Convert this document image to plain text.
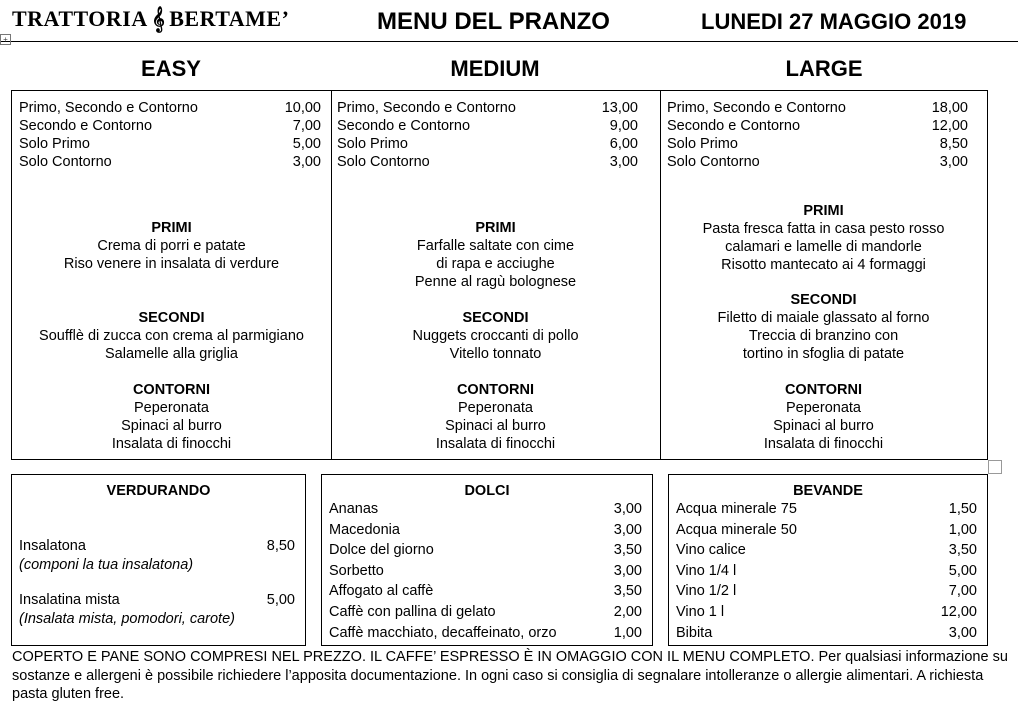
TRATTORIA 𝄞 BERTAME’	MENU DEL PRANZO	LUNEDI 27 MAGGIO 2019
+
EASY	MEDIUM	LARGE
Primo, Secondo e Contorno	10,00
Secondo e Contorno	7,00
Solo Primo	5,00
Solo Contorno	3,00
PRIMI
Crema di porri e patate
Riso venere in insalata di verdure
SECONDI
Soufflè di zucca con crema al parmigiano
Salamelle alla griglia
CONTORNI
Peperonata
Spinaci al burro
Insalata di finocchi
Primo, Secondo e Contorno	13,00
Secondo e Contorno	9,00
Solo Primo	6,00
Solo Contorno	3,00
PRIMI
Farfalle saltate con cime
di rapa e acciughe
Penne al ragù bolognese
SECONDI
Nuggets croccanti di pollo
Vitello tonnato
CONTORNI
Peperonata
Spinaci al burro
Insalata di finocchi
Primo, Secondo e Contorno	18,00
Secondo e Contorno	12,00
Solo Primo	8,50
Solo Contorno	3,00
PRIMI
Pasta fresca fatta in casa pesto rosso
calamari e lamelle di mandorle
Risotto mantecato ai 4 formaggi
SECONDI
Filetto di maiale glassato al forno
Treccia di branzino con
tortino in sfoglia di patate
CONTORNI
Peperonata
Spinaci al burro
Insalata di finocchi
VERDURANDO
Insalatona	8,50
(componi la tua insalatona)
Insalatina mista	5,00
(Insalata mista, pomodori, carote)
DOLCI
Ananas	3,00
Macedonia	3,00
Dolce del giorno	3,50
Sorbetto	3,00
Affogato al caffè	3,50
Caffè con pallina di gelato	2,00
Caffè macchiato, decaffeinato, orzo	1,00
BEVANDE
Acqua minerale 75	1,50
Acqua minerale 50	1,00
Vino calice	3,50
Vino 1/4 l	5,00
Vino 1/2 l	7,00
Vino 1 l	12,00
Bibita	3,00
COPERTO E PANE SONO COMPRESI NEL PREZZO. IL CAFFE’ ESPRESSO È IN OMAGGIO CON IL MENU COMPLETO. Per qualsiasi informazione su sostanze e allergeni è possibile richiedere l’apposita documentazione. In ogni caso si consiglia di segnalare intolleranze o allergie alimentari. A richiesta pasta gluten free.
